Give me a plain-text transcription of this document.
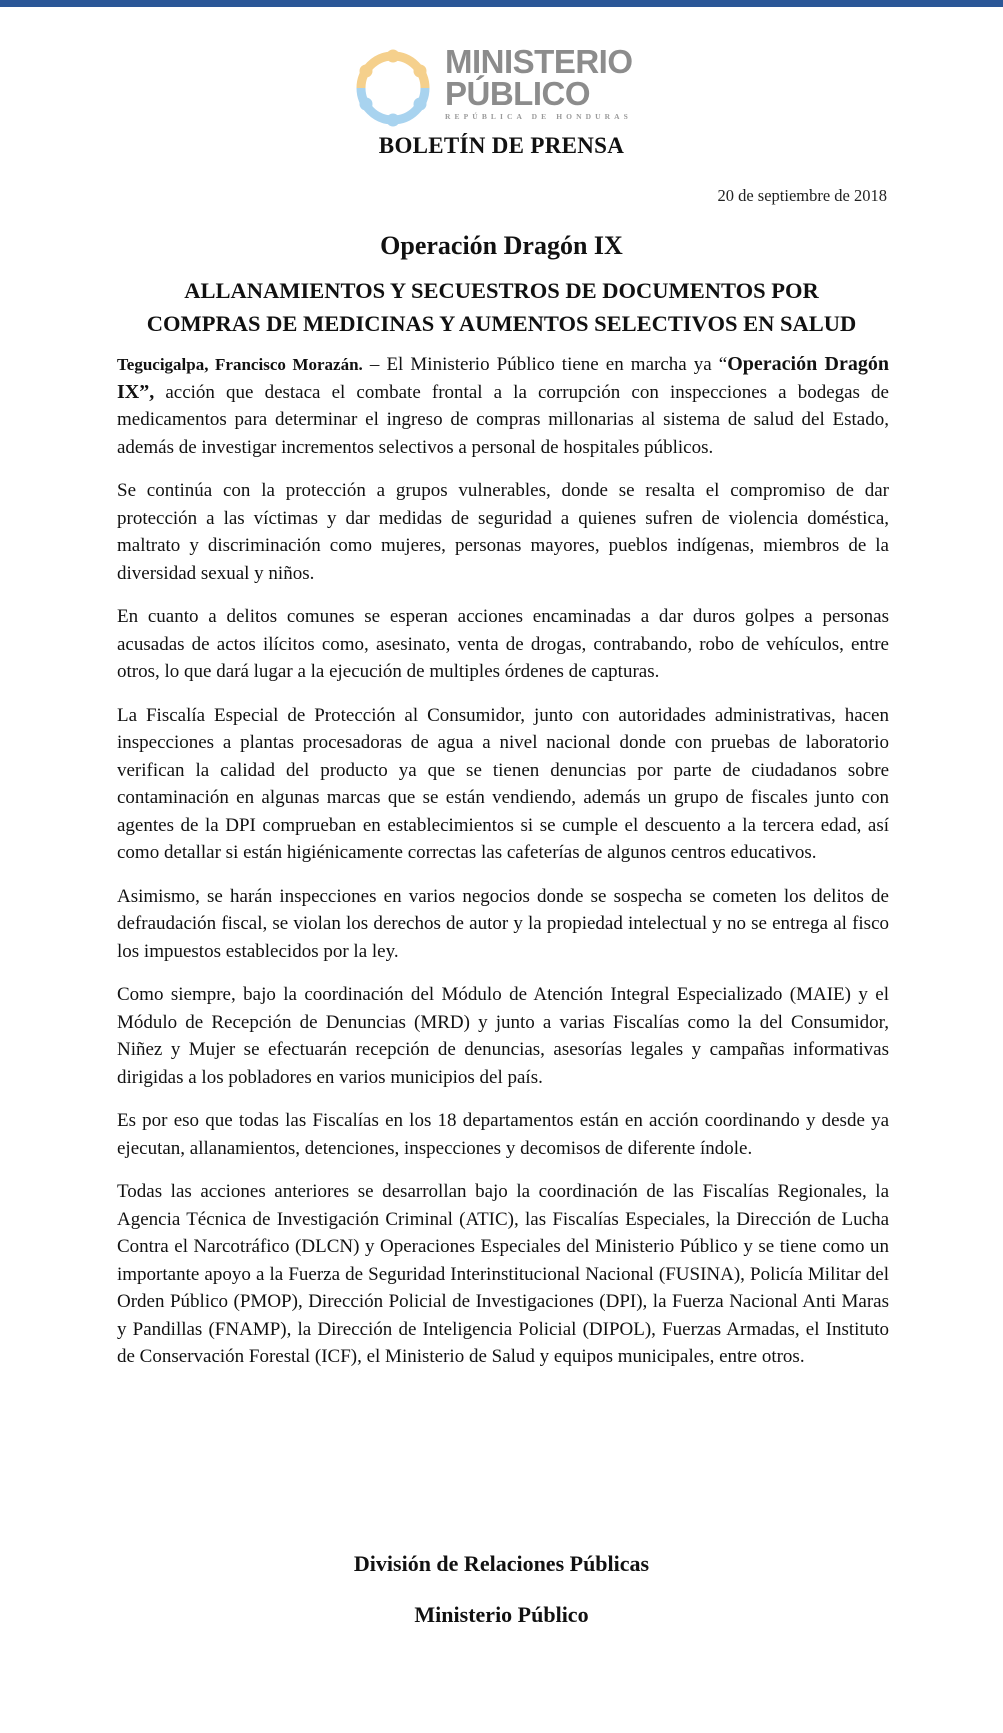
MINISTERIO
PÚBLICO
REPÚBLICA DE HONDURAS
BOLETÍN DE PRENSA
20 de septiembre de 2018
Operación Dragón IX
ALLANAMIENTOS Y SECUESTROS DE DOCUMENTOS POR
COMPRAS DE MEDICINAS Y AUMENTOS SELECTIVOS EN SALUD

Tegucigalpa, Francisco Morazán. – El Ministerio Público tiene en marcha ya “Operación Dragón IX”, acción que destaca el combate frontal a la corrupción con inspecciones a bodegas de medicamentos para determinar el ingreso de compras millonarias al sistema de salud del Estado, además de investigar incrementos selectivos a personal de hospitales públicos.

Se continúa con la protección a grupos vulnerables, donde se resalta el compromiso de dar protección a las víctimas y dar medidas de seguridad a quienes sufren de violencia doméstica, maltrato y discriminación como mujeres, personas mayores, pueblos indígenas, miembros de la diversidad sexual y niños.

En cuanto a delitos comunes se esperan acciones encaminadas a dar duros golpes a personas acusadas de actos ilícitos como, asesinato, venta de drogas, contrabando, robo de vehículos, entre otros, lo que dará lugar a la ejecución de multiples órdenes de capturas.

La Fiscalía Especial de Protección al Consumidor, junto con autoridades administrativas, hacen inspecciones a plantas procesadoras de agua a nivel nacional donde con pruebas de laboratorio verifican la calidad del producto ya que se tienen denuncias por parte de ciudadanos sobre contaminación en algunas marcas que se están vendiendo, además un grupo de fiscales junto con agentes de la DPI comprueban en establecimientos si se cumple el descuento a la tercera edad, así como detallar si están higiénicamente correctas las cafeterías de algunos centros educativos.

Asimismo, se harán inspecciones en varios negocios donde se sospecha se cometen los delitos de defraudación fiscal, se violan los derechos de autor y la propiedad intelectual y no se entrega al fisco los impuestos establecidos por la ley.

Como siempre, bajo la coordinación del Módulo de Atención Integral Especializado (MAIE) y el Módulo de Recepción de Denuncias (MRD) y junto a varias Fiscalías como la del Consumidor, Niñez y Mujer se efectuarán recepción de denuncias, asesorías legales y campañas informativas dirigidas a los pobladores en varios municipios del país.

Es por eso que todas las Fiscalías en los 18 departamentos están en acción coordinando y desde ya ejecutan, allanamientos, detenciones, inspecciones y decomisos de diferente índole.

Todas las acciones anteriores se desarrollan bajo la coordinación de las Fiscalías Regionales, la Agencia Técnica de Investigación Criminal (ATIC), las Fiscalías Especiales, la Dirección de Lucha Contra el Narcotráfico (DLCN) y Operaciones Especiales del Ministerio Público y se tiene como un importante apoyo a la Fuerza de Seguridad Interinstitucional Nacional (FUSINA), Policía Militar del Orden Público (PMOP), Dirección Policial de Investigaciones (DPI), la Fuerza Nacional Anti Maras y Pandillas (FNAMP), la Dirección de Inteligencia Policial (DIPOL), Fuerzas Armadas, el Instituto de Conservación Forestal (ICF), el Ministerio de Salud y equipos municipales, entre otros.

División de Relaciones Públicas
Ministerio Público
